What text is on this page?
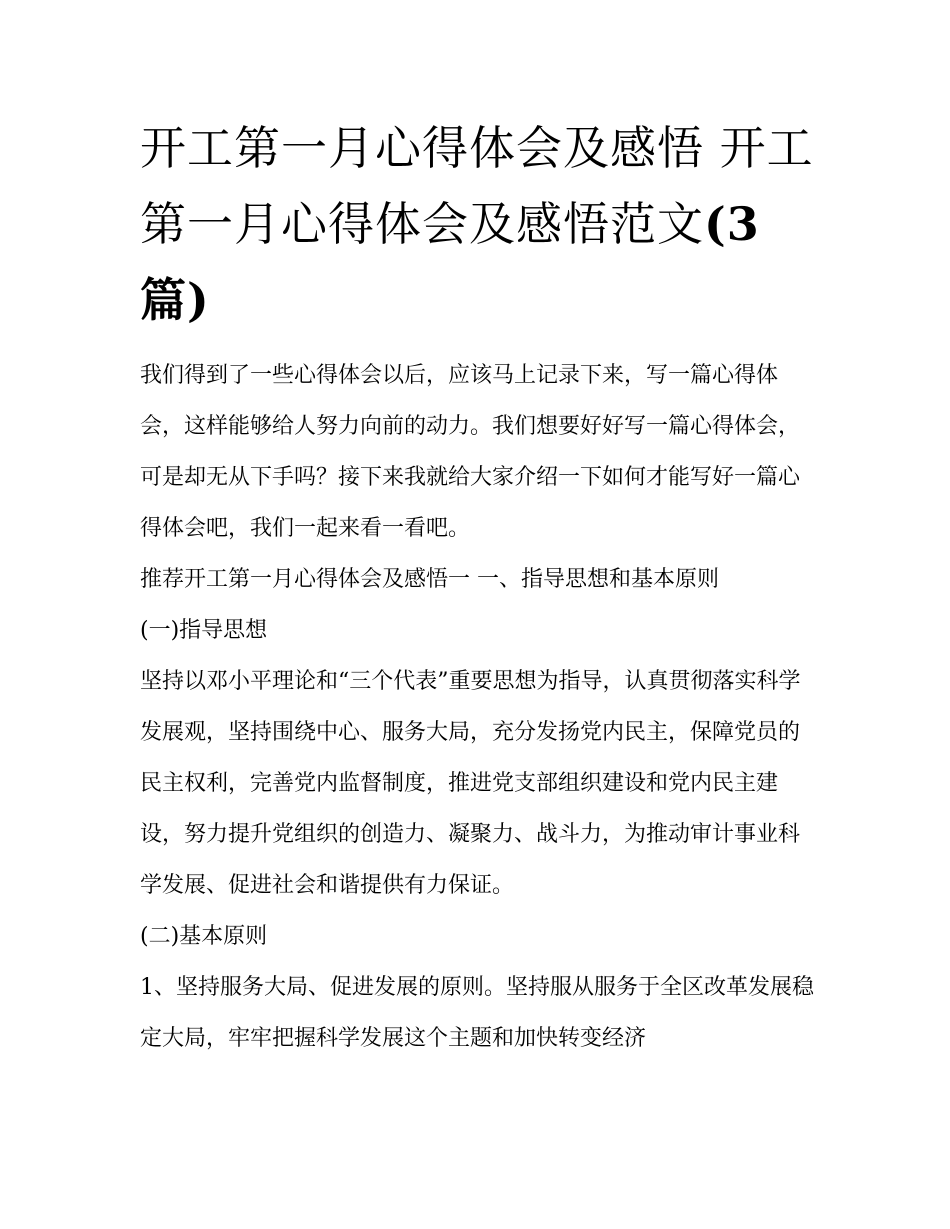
开工第一月心得体会及感悟 开工第一月心得体会及感悟范文(3篇)

我们得到了一些心得体会以后，应该马上记录下来，写一篇心得体会，这样能够给人努力向前的动力。我们想要好好写一篇心得体会，可是却无从下手吗？接下来我就给大家介绍一下如何才能写好一篇心得体会吧，我们一起来看一看吧。

推荐开工第一月心得体会及感悟一 一、指导思想和基本原则

(一)指导思想

坚持以邓小平理论和“三个代表”重要思想为指导，认真贯彻落实科学发展观，坚持围绕中心、服务大局，充分发扬党内民主，保障党员的民主权利，完善党内监督制度，推进党支部组织建设和党内民主建设，努力提升党组织的创造力、凝聚力、战斗力，为推动审计事业科学发展、促进社会和谐提供有力保证。

(二)基本原则

1、坚持服务大局、促进发展的原则。坚持服从服务于全区改革发展稳定大局，牢牢把握科学发展这个主题和加快转变经济
